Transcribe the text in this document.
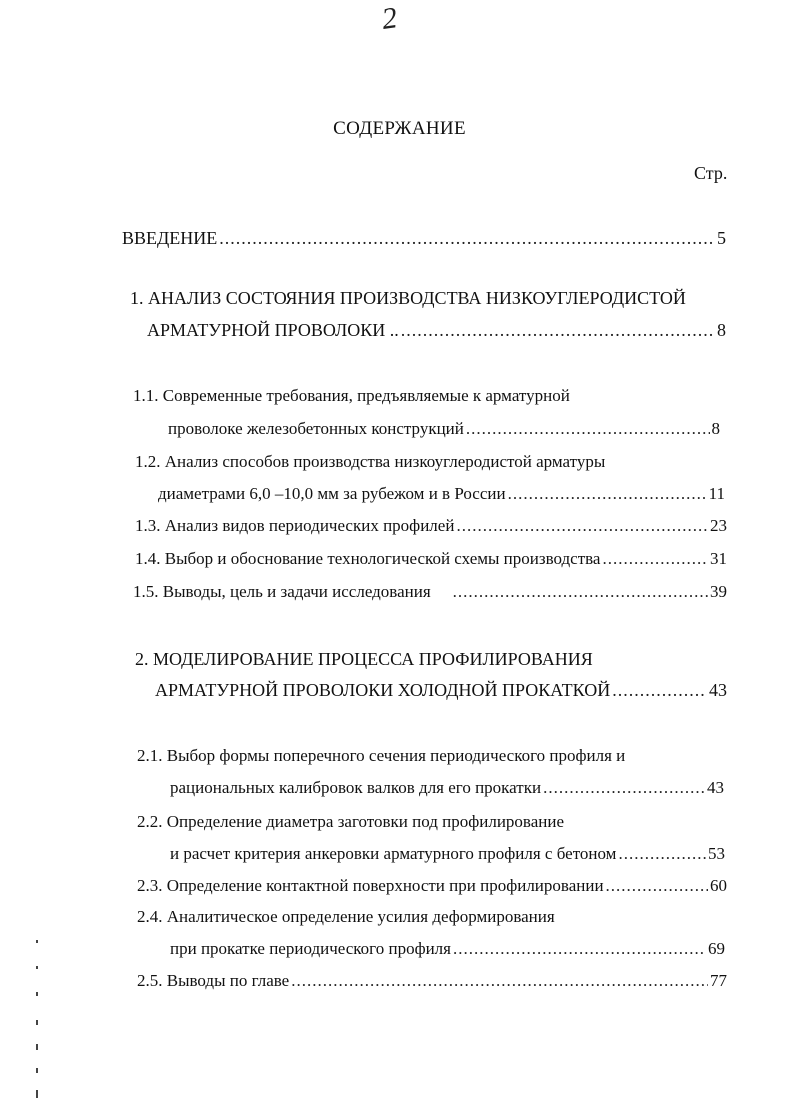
2
СОДЕРЖАНИЕ
Стр.
ВВЕДЕНИЕ .....	5
1. АНАЛИЗ СОСТОЯНИЯ ПРОИЗВОДСТВА НИЗКОУГЛЕРОДИСТОЙ
АРМАТУРНОЙ ПРОВОЛОКИ .. .....	8
1.1. Современные требования, предъявляемые к арматурной
проволоке железобетонных конструкций .....	8
1.2. Анализ способов производства низкоуглеродистой арматуры
диаметрами 6,0 –10,0 мм за рубежом и в России .....	11
1.3. Анализ видов периодических профилей .....	23
1.4. Выбор и обоснование технологической схемы производства .....	31
1.5. Выводы, цель и задачи исследования .....	39
2. МОДЕЛИРОВАНИЕ ПРОЦЕССА ПРОФИЛИРОВАНИЯ
АРМАТУРНОЙ ПРОВОЛОКИ ХОЛОДНОЙ ПРОКАТКОЙ .....	43
2.1. Выбор формы поперечного сечения периодического профиля и
рациональных калибровок валков для его прокатки .....	43
2.2. Определение диаметра заготовки под профилирование
и расчет критерия анкеровки арматурного профиля с бетоном .....	53
2.3. Определение контактной поверхности при профилировании .....	60
2.4. Аналитическое определение усилия деформирования
при прокатке периодического профиля .....	69
2.5. Выводы по главе .....	77
